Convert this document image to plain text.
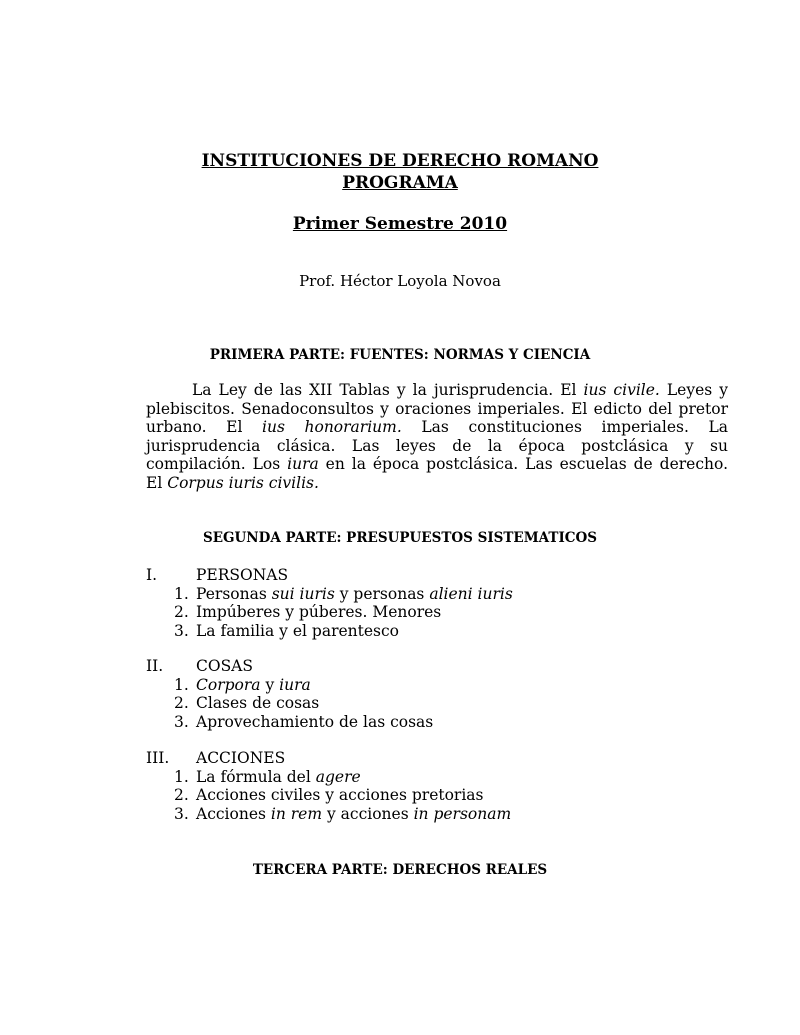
INSTITUCIONES DE DERECHO ROMANO
PROGRAMA
Primer Semestre 2010
Prof. Héctor Loyola Novoa
PRIMERA PARTE: FUENTES: NORMAS Y CIENCIA

La Ley de las XII Tablas y la jurisprudencia. El ius civile. Leyes y plebiscitos. Senadoconsultos y oraciones imperiales. El edicto del pretor urbano. El ius honorarium. Las constituciones imperiales. La jurisprudencia clásica. Las leyes de la época postclásica y su compilación. Los iura en la época postclásica. Las escuelas de derecho. El Corpus iuris civilis.

SEGUNDA PARTE: PRESUPUESTOS SISTEMATICOS
I.	PERSONAS
1. Personas sui iuris y personas alieni iuris
2. Impúberes y púberes. Menores
3. La familia y el parentesco
II. COSAS
1. Corpora y iura
2. Clases de cosas
3. Aprovechamiento de las cosas
III. ACCIONES
1. La fórmula del agere
2. Acciones civiles y acciones pretorias
3. Acciones in rem y acciones in personam
TERCERA PARTE: DERECHOS REALES
